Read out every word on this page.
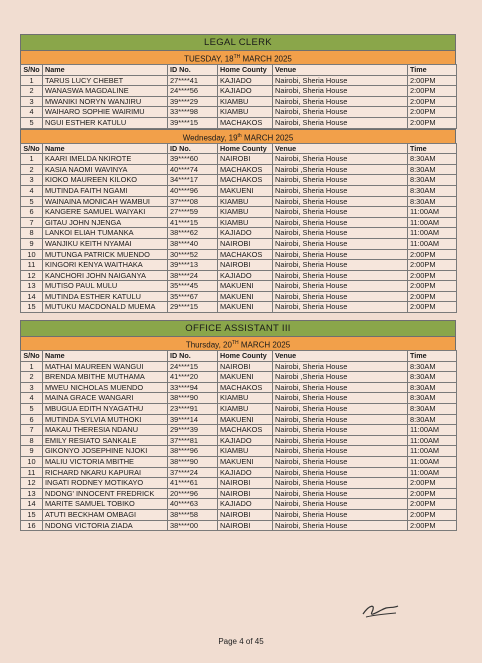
LEGAL CLERK
TUESDAY, 18TH MARCH 2025
S/No	Name	ID No.	Home County	Venue	Time
1	TARUS LUCY CHEBET	27****41	KAJIADO	Nairobi, Sheria House	2:00PM
2	WANASWA MAGDALINE	24****56	KAJIADO	Nairobi, Sheria House	2:00PM
3	MWANIKI NORYN WANJIRU	39****29	KIAMBU	Nairobi, Sheria House	2:00PM
4	WAIHARO SOPHIE WAIRIMU	33****98	KIAMBU	Nairobi, Sheria House	2:00PM
5	NGUI ESTHER KATULU	39****15	MACHAKOS	Nairobi, Sheria House	2:00PM
Wednesday, 19th MARCH 2025
S/No	Name	ID No.	Home County	Venue	Time
1	KAARI IMELDA NKIROTE	39****60	NAIROBI	Nairobi, Sheria House	8:30AM
2	KASIA NAOMI WAVINYA	40****74	MACHAKOS	Nairobi ,Sheria House	8:30AM
3	KIOKO MAUREEN KILOKO	34****17	MACHAKOS	Nairobi, Sheria House	8:30AM
4	MUTINDA FAITH NGAMI	40****96	MAKUENI	Nairobi, Sheria House	8:30AM
5	WAINAINA MONICAH WAMBUI	37****08	KIAMBU	Nairobi, Sheria House	8:30AM
6	KANGERE SAMUEL WAIYAKI	27****59	KIAMBU	Nairobi, Sheria House	11:00AM
7	GITAU JOHN NJENGA	41****15	KIAMBU	Nairobi, Sheria House	11:00AM
8	LANKOI ELIAH TUMANKA	38****62	KAJIADO	Nairobi, Sheria House	11:00AM
9	WANJIKU KEITH NYAMAI	38****40	NAIROBI	Nairobi, Sheria House	11:00AM
10	MUTUNGA PATRICK MUENDO	30****52	MACHAKOS	Nairobi, Sheria House	2:00PM
11	KINGORI KENYA WAITHAKA	39****13	NAIROBI	Nairobi, Sheria House	2:00PM
12	KANCHORI JOHN NAIGANYA	38****24	KAJIADO	Nairobi, Sheria House	2:00PM
13	MUTISO PAUL MULU	35****45	MAKUENI	Nairobi, Sheria House	2:00PM
14	MUTINDA ESTHER KATULU	35****67	MAKUENI	Nairobi, Sheria House	2:00PM
15	MUTUKU MACDONALD MUEMA	29****15	MAKUENI	Nairobi, Sheria House	2:00PM
OFFICE ASSISTANT III
Thursday, 20TH MARCH 2025
S/No	Name	ID No.	Home County	Venue	Time
1	MATHAI MAUREEN WANGUI	24****15	NAIROBI	Nairobi, Sheria House	8:30AM
2	BRENDA MBITHE MUTHAMA	41****20	MAKUENI	Nairobi ,Sheria House	8:30AM
3	MWEU NICHOLAS MUENDO	33****94	MACHAKOS	Nairobi, Sheria House	8:30AM
4	MAINA GRACE WANGARI	38****90	KIAMBU	Nairobi, Sheria House	8:30AM
5	MBUGUA EDITH NYAGATHU	23****91	KIAMBU	Nairobi, Sheria House	8:30AM
6	MUTINDA SYLVIA MUTHOKI	39****14	MAKUENI	Nairobi, Sheria House	8:30AM
7	MAKAU THERESIA NDANU	29****39	MACHAKOS	Nairobi, Sheria House	11:00AM
8	EMILY RESIATO SANKALE	37****81	KAJIADO	Nairobi, Sheria House	11:00AM
9	GIKONYO JOSEPHINE NJOKI	38****96	KIAMBU	Nairobi, Sheria House	11:00AM
10	MALIU VICTORIA MBITHE	38****90	MAKUENI	Nairobi, Sheria House	11:00AM
11	RICHARD NKARU KAPURAI	37****24	KAJIADO	Nairobi, Sheria House	11:00AM
12	INGATI RODNEY MOTIKAYO	41****61	NAIROBI	Nairobi, Sheria House	2:00PM
13	NDONG' INNOCENT FREDRICK	20****96	NAIROBI	Nairobi, Sheria House	2:00PM
14	MARITE SAMUEL TOBIKO	40****63	KAJIADO	Nairobi, Sheria House	2:00PM
15	ATUTI BECKHAM OMBAGI	38****58	NAIROBI	Nairobi, Sheria House	2:00PM
16	NDONG VICTORIA ZIADA	38****00	NAIROBI	Nairobi, Sheria House	2:00PM
Page 4 of 45
